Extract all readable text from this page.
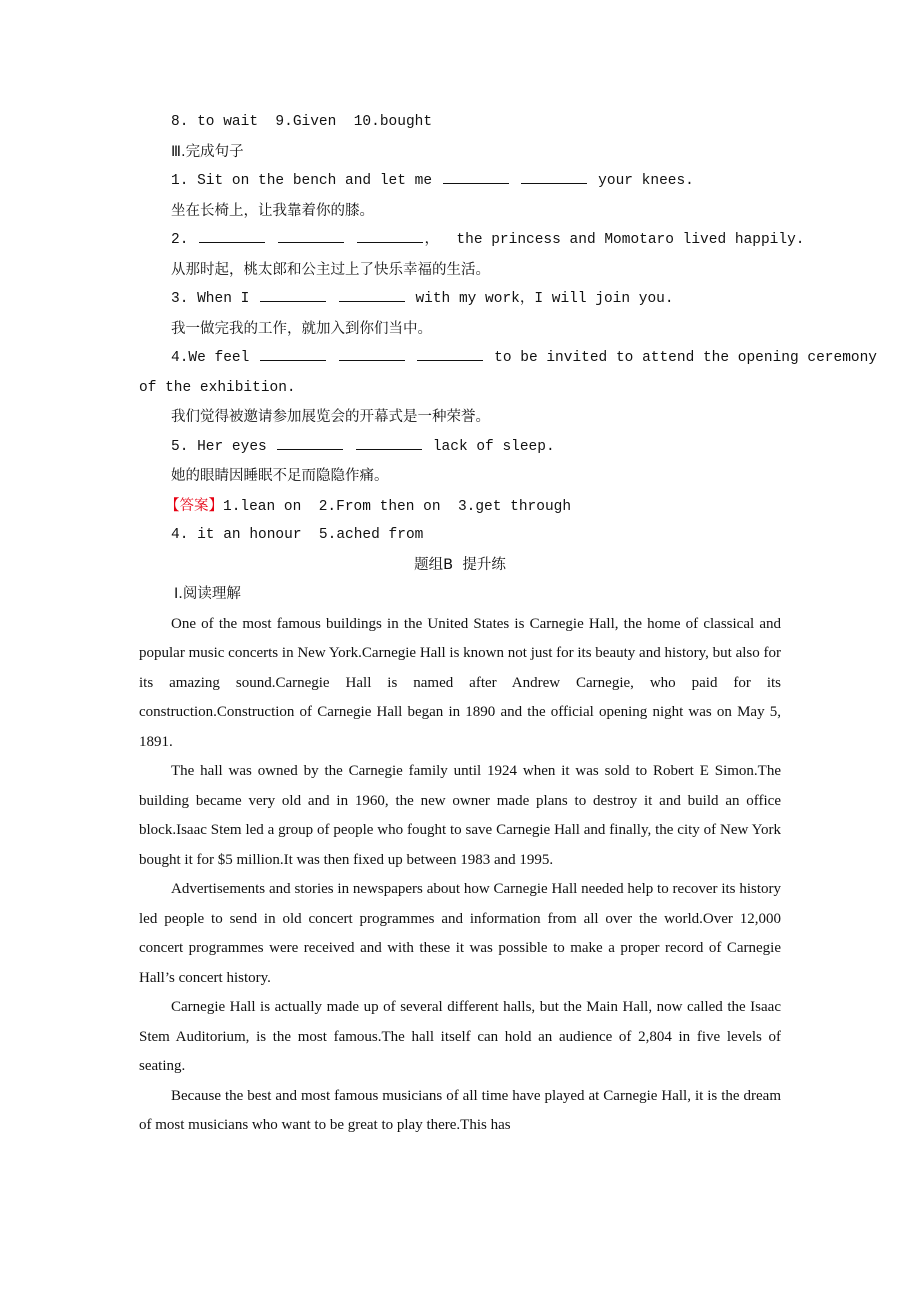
8. to wait  9.Given  10.bought
Ⅲ.完成句子
1. Sit on the bench and let me	your knees.
坐在长椅上，让我靠着你的膝。
2.	，  the princess and Momotaro lived happily.
从那时起，桃太郎和公主过上了快乐幸福的生活。
3. When I	with my work，I will join you.
我一做完我的工作，就加入到你们当中。
4.We feel	to be invited to attend the opening ceremony
of the exhibition.
我们觉得被邀请参加展览会的开幕式是一种荣誉。
5. Her eyes	lack of sleep.
她的眼睛因睡眠不足而隐隐作痛。
【答案】1.lean on  2.From then on  3.get through
4. it an honour  5.ached from
题组B  提升练
Ⅰ.阅读理解

One of the most famous buildings in the United States is Carnegie Hall, the home of classical and popular music concerts in New York.Carnegie Hall is known not just for its beauty and history, but also for its amazing sound.Carnegie Hall is named after Andrew Carnegie, who paid for its construction.Construction of Carnegie Hall began in 1890 and the official opening night was on May 5, 1891.

The hall was owned by the Carnegie family until 1924 when it was sold to Robert E Simon.The building became very old and in 1960, the new owner made plans to destroy it and build an office block.Isaac Stem led a group of people who fought to save Carnegie Hall and finally, the city of New York bought it for $5 million.It was then fixed up between 1983 and 1995.

Advertisements and stories in newspapers about how Carnegie Hall needed help to recover its history led people to send in old concert programmes and information from all over the world.Over 12,000 concert programmes were received and with these it was possible to make a proper record of Carnegie Hall’s concert history.

Carnegie Hall is actually made up of several different halls, but the Main Hall, now called the Isaac Stem Auditorium, is the most famous.The hall itself can hold an audience of 2,804 in five levels of seating.

Because the best and most famous musicians of all time have played at Carnegie Hall, it is the dream of most musicians who want to be great to play there.This has
